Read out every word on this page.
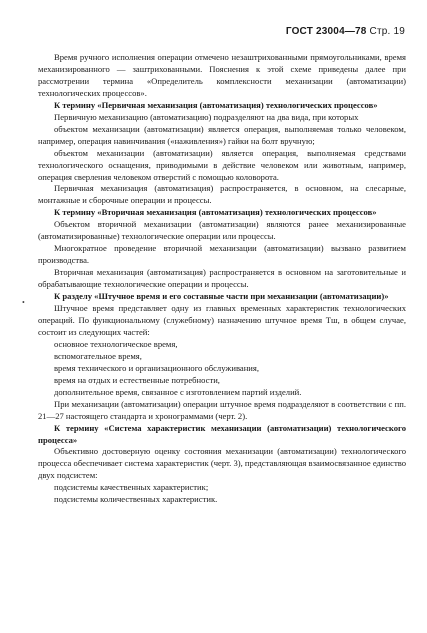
ГОСТ 23004—78 Стр. 19
•

Время ручного исполнения операции отмечено незаштрихованными прямоугольниками, время механизированного — заштрихованными. Пояснения к этой схеме приведены далее при рассмотрении термина «Определитель комплексности механизации (автоматизации) технологических процессов».

К термину «Первичная механизация (автоматизация) технологических процессов»

Первичную механизацию (автоматизацию) подразделяют на два вида, при которых

объектом механизации (автоматизации) является операция, выполняемая только человеком, например, операция навинчивания («наживления») гайки на болт вручную;

объектом механизации (автоматизации) является операция, выполняемая средствами технологического оснащения, приводимыми в действие человеком или животным, например, операция сверления человеком отверстий с помощью коловорота.

Первичная механизация (автоматизация) распространяется, в основном, на слесарные, монтажные и сборочные операции и процессы.

К термину «Вторичная механизация (автоматизация) технологических процессов»

Объектом вторичной механизации (автоматизации) являются ранее механизированные (автоматизированные) технологические операции или процессы.

Многократное проведение вторичной механизации (автоматизации) вызвано развитием производства.

Вторичная механизация (автоматизация) распространяется в основном на заготовительные и обрабатывающие технологические операции и процессы.

К разделу «Штучное время и его составные части при механизации (автоматизации)»

Штучное время представляет одну из главных временных характеристик технологических операций. По функциональному (служебному) назначению штучное время Тш, в общем случае, состоит из следующих частей:

основное технологическое время,

вспомогательное время,

время технического и организационного обслуживания,

время на отдых и естественные потребности,

дополнительное время, связанное с изготовлением партий изделий.

При механизации (автоматизации) операции штучное время подразделяют в соответствии с пп. 21—27 настоящего стандарта и хронограммами (черт. 2).

К термину «Система характеристик механизации (автоматизации) технологического процесса»

Объективно достоверную оценку состояния механизации (автоматизации) технологического процесса обеспечивает система характеристик (черт. 3), представляющая взаимосвязанное единство двух подсистем:

подсистемы качественных характеристик;

подсистемы количественных характеристик.
